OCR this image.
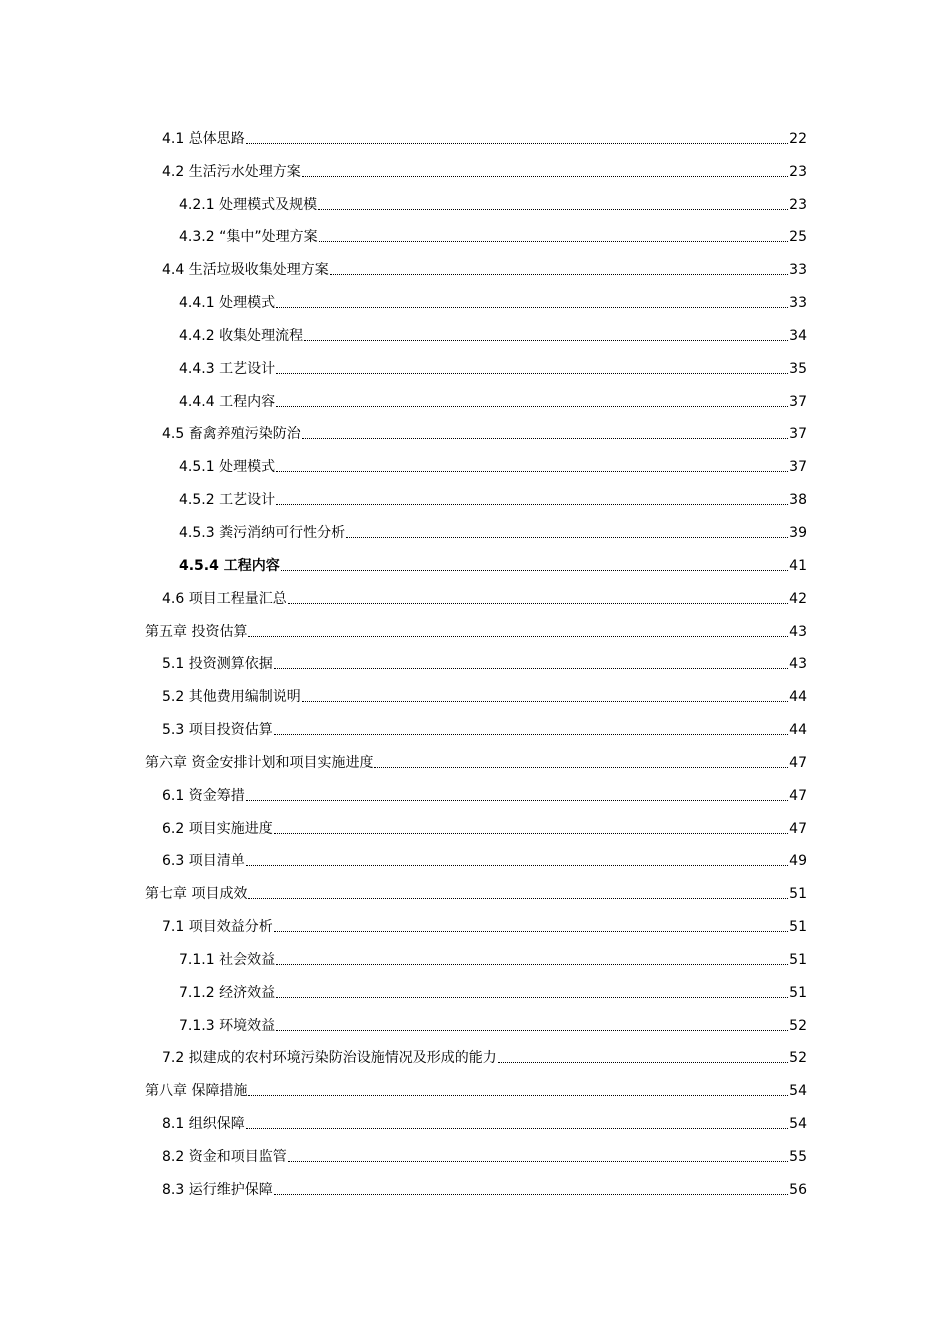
4.1 总体思路	22
4.2 生活污水处理方案	23
4.2.1 处理模式及规模	23
4.3.2 “集中”处理方案	25
4.4 生活垃圾收集处理方案	33
4.4.1 处理模式	33
4.4.2 收集处理流程	34
4.4.3 工艺设计	35
4.4.4 工程内容	37
4.5 畜禽养殖污染防治	37
4.5.1 处理模式	37
4.5.2 工艺设计	38
4.5.3 粪污消纳可行性分析	39
4.5.4 工程内容	41
4.6 项目工程量汇总	42
第五章 投资估算	43
5.1 投资测算依据	43
5.2 其他费用编制说明	44
5.3 项目投资估算	44
第六章 资金安排计划和项目实施进度	47
6.1 资金筹措	47
6.2 项目实施进度	47
6.3 项目清单	49
第七章 项目成效	51
7.1 项目效益分析	51
7.1.1 社会效益	51
7.1.2 经济效益	51
7.1.3 环境效益	52
7.2 拟建成的农村环境污染防治设施情况及形成的能力	52
第八章 保障措施	54
8.1 组织保障	54
8.2 资金和项目监管	55
8.3 运行维护保障	56
